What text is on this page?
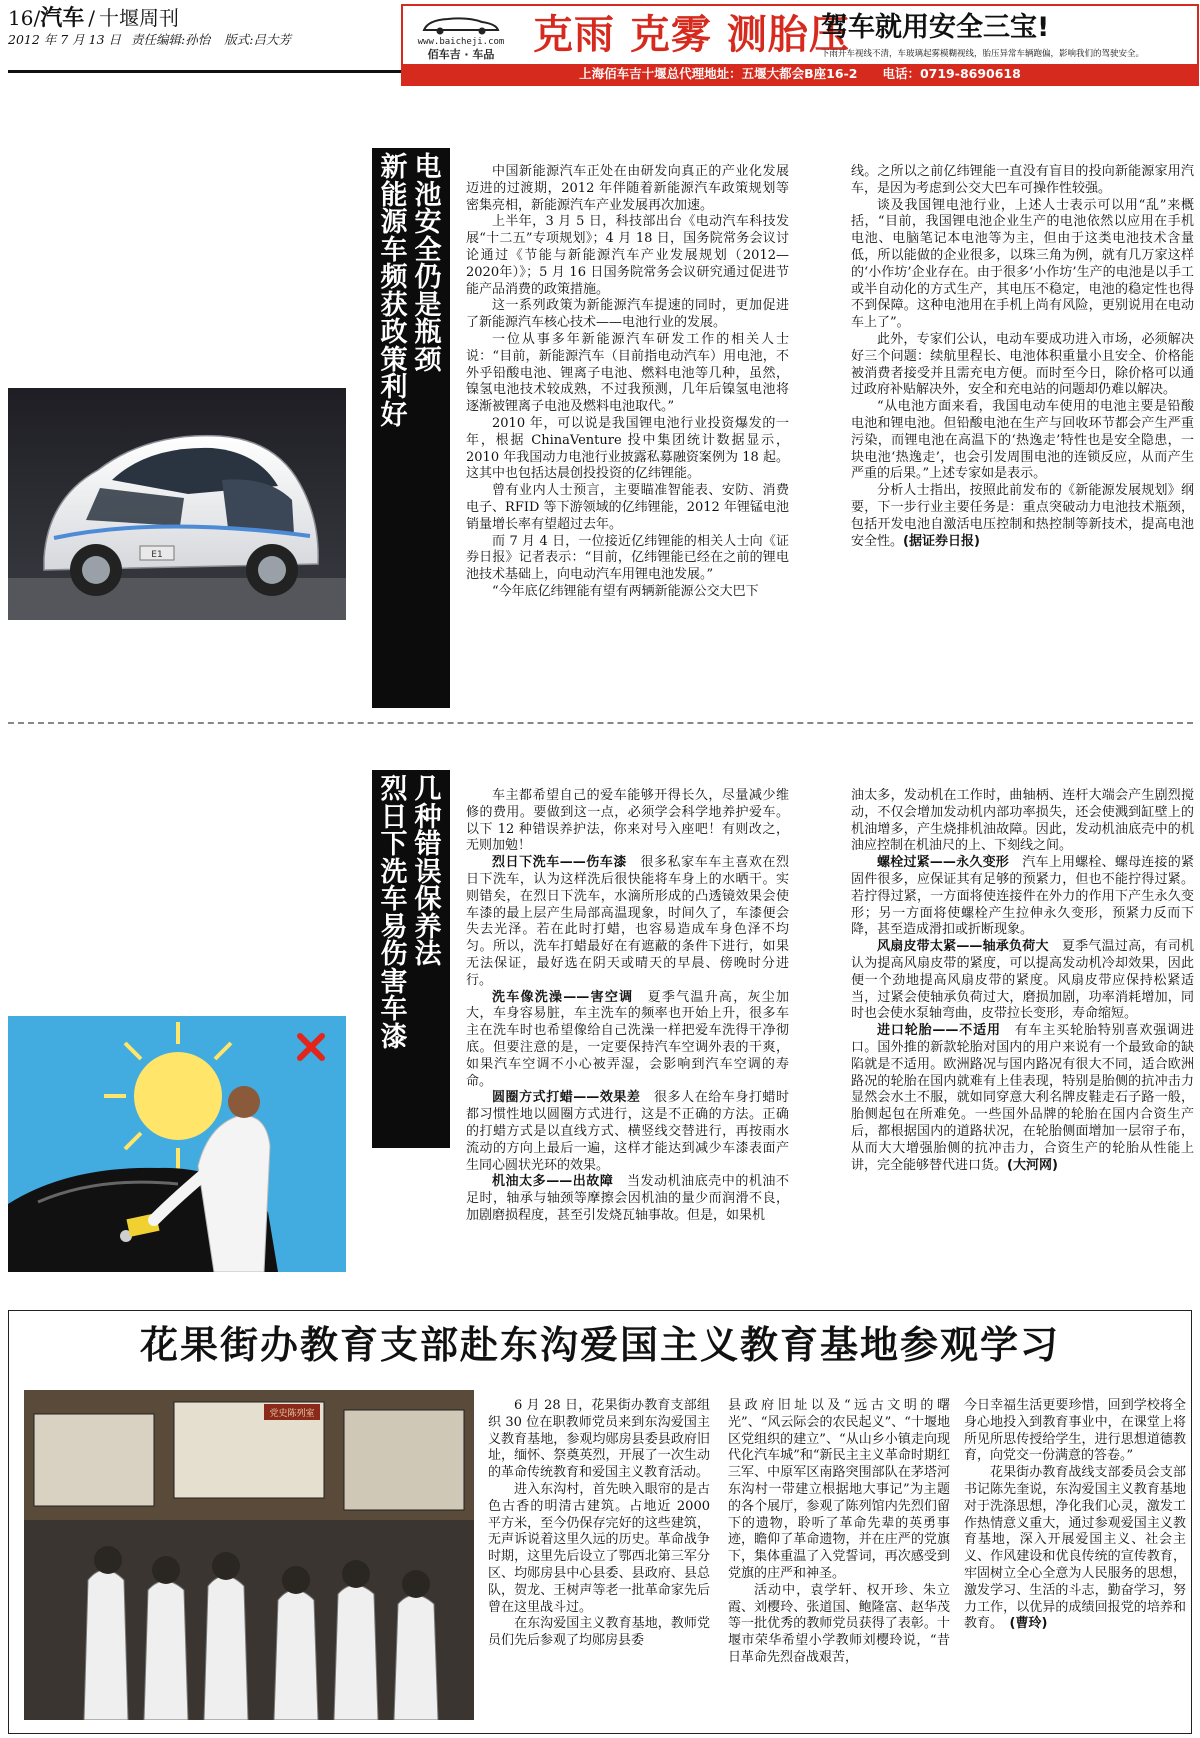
16/汽车 / 十堰周刊
2012 年 7 月 13 日 责任编辑:孙怡 版式:吕大芳	www.baicheji.com
佰车吉 · 车品 克雨 克雾 测胎压
驾车就用安全三宝!
下雨开车视线不清，车玻璃起雾模糊视线，胎压异常车辆跑偏，影响我们的驾驶安全。
上海佰车吉十堰总代理地址：五堰大都会B座16-2　　电话：0719-8690618
电池安全仍是瓶颈
新能源车频获政策利好
E1

中国新能源汽车正处在由研发向真正的产业化发展迈进的过渡期，2012 年伴随着新能源汽车政策规划等密集亮相，新能源汽车产业发展再次加速。

上半年，3 月 5 日，科技部出台《电动汽车科技发展“十二五”专项规划》；4 月 18 日，国务院常务会议讨论通过《节能与新能源汽车产业发展规划（2012—2020年）》；5 月 16 日国务院常务会议研究通过促进节能产品消费的政策措施。

这一系列政策为新能源汽车提速的同时，更加促进了新能源汽车核心技术——电池行业的发展。

一位从事多年新能源汽车研发工作的相关人士说：“目前，新能源汽车（目前指电动汽车）用电池，不外乎铅酸电池、锂离子电池、燃料电池等几种，虽然，镍氢电池技术较成熟，不过我预测，几年后镍氢电池将逐渐被锂离子电池及燃料电池取代。”

2010 年，可以说是我国锂电池行业投资爆发的一年，根据 ChinaVenture 投中集团统计数据显示，2010 年我国动力电池行业披露私募融资案例为 18 起。这其中也包括达晨创投投资的亿纬锂能。

曾有业内人士预言，主要瞄准智能表、安防、消费电子、RFID 等下游领域的亿纬锂能，2012 年锂锰电池销量增长率有望超过去年。

而 7 月 4 日，一位接近亿纬锂能的相关人士向《证券日报》记者表示：“目前，亿纬锂能已经在之前的锂电池技术基础上，向电动汽车用锂电池发展。”

“今年底亿纬锂能有望有两辆新能源公交大巴下

线。之所以之前亿纬锂能一直没有盲目的投向新能源家用汽车，是因为考虑到公交大巴车可操作性较强。

谈及我国锂电池行业，上述人士表示可以用“乱”来概括，“目前，我国锂电池企业生产的电池依然以应用在手机电池、电脑笔记本电池等为主，但由于这类电池技术含量低，所以能做的企业很多，以珠三角为例，就有几万家这样的‘小作坊’企业存在。由于很多‘小作坊’生产的电池是以手工或半自动化的方式生产，其电压不稳定，电池的稳定性也得不到保障。这种电池用在手机上尚有风险，更别说用在电动车上了”。

此外，专家们公认，电动车要成功进入市场，必须解决好三个问题：续航里程长、电池体积重量小且安全、价格能被消费者接受并且需充电方便。而时至今日，除价格可以通过政府补贴解决外，安全和充电站的问题却仍难以解决。

“从电池方面来看，我国电动车使用的电池主要是铅酸电池和锂电池。但铅酸电池在生产与回收环节都会产生严重污染，而锂电池在高温下的‘热逸走’特性也是安全隐患，一块电池‘热逸走’，也会引发周围电池的连锁反应，从而产生严重的后果。”上述专家如是表示。

分析人士指出，按照此前发布的《新能源发展规划》纲要，下一步行业主要任务是：重点突破动力电池技术瓶颈，包括开发电池自激活电压控制和热控制等新技术，提高电池安全性。(据证券日报)

几种错误保养法
烈日下洗车易伤害车漆

车主都希望自己的爱车能够开得长久，尽量减少维修的费用。要做到这一点，必须学会科学地养护爱车。以下 12 种错误养护法，你来对号入座吧！有则改之，无则加勉！

烈日下洗车——伤车漆　 很多私家车车主喜欢在烈日下洗车，认为这样洗后很快能将车身上的水晒干。实则错矣，在烈日下洗车，水滴所形成的凸透镜效果会使车漆的最上层产生局部高温现象，时间久了，车漆便会失去光泽。若在此时打蜡，也容易造成车身色泽不均匀。所以，洗车打蜡最好在有遮蔽的条件下进行，如果无法保证，最好选在阴天或晴天的早晨、傍晚时分进行。

洗车像洗澡——害空调　 夏季气温升高，灰尘加大，车身容易脏，车主洗车的频率也开始上升，很多车主在洗车时也希望像给自己洗澡一样把爱车洗得干净彻底。但要注意的是，一定要保持汽车空调外表的干爽，如果汽车空调不小心被弄湿，会影响到汽车空调的寿命。

圆圈方式打蜡——效果差　 很多人在给车身打蜡时都习惯性地以圆圈方式进行，这是不正确的方法。正确的打蜡方式是以直线方式、横竖线交替进行，再按雨水流动的方向上最后一遍，这样才能达到减少车漆表面产生同心圆状光环的效果。

机油太多——出故障　 当发动机油底壳中的机油不足时，轴承与轴颈等摩擦会因机油的量少而润滑不良，加剧磨损程度，甚至引发烧瓦轴事故。但是，如果机

油太多，发动机在工作时，曲轴柄、连杆大端会产生剧烈搅动，不仅会增加发动机内部功率损失，还会使溅到缸壁上的机油增多，产生烧排机油故障。因此，发动机油底壳中的机油应控制在机油尺的上、下刻线之间。

螺栓过紧——永久变形　 汽车上用螺栓、螺母连接的紧固件很多，应保证其有足够的预紧力，但也不能拧得过紧。若拧得过紧，一方面将使连接件在外力的作用下产生永久变形；另一方面将使螺栓产生拉伸永久变形，预紧力反而下降，甚至造成滑扣或折断现象。

风扇皮带太紧——轴承负荷大　 夏季气温过高，有司机认为提高风扇皮带的紧度，可以提高发动机冷却效果，因此便一个劲地提高风扇皮带的紧度。风扇皮带应保持松紧适当，过紧会使轴承负荷过大，磨损加剧，功率消耗增加，同时也会使水泵轴弯曲，皮带拉长变形，寿命缩短。

进口轮胎——不适用　 有车主买轮胎特别喜欢强调进口。国外推的新款轮胎对国内的用户来说有一个最致命的缺陷就是不适用。欧洲路况与国内路况有很大不同，适合欧洲路况的轮胎在国内就难有上佳表现，特别是胎侧的抗冲击力显然会水土不服，就如同穿意大利名牌皮鞋走石子路一般，胎侧起包在所难免。一些国外品牌的轮胎在国内合资生产后，都根据国内的道路状况，在轮胎侧面增加一层帘子布，从而大大增强胎侧的抗冲击力，合资生产的轮胎从性能上讲，完全能够替代进口货。(大河网)

花果街办教育支部赴东沟爱国主义教育基地参观学习
党史陈列室

6 月 28 日，花果街办教育支部组织 30 位在职教师党员来到东沟爱国主义教育基地，参观均郧房县委县政府旧址，缅怀、祭奠英烈，开展了一次生动的革命传统教育和爱国主义教育活动。

进入东沟村，首先映入眼帘的是古色古香的明清古建筑。占地近 2000 平方米，至今仍保存完好的这些建筑，无声诉说着这里久远的历史。革命战争时期，这里先后设立了鄂西北第三军分区、均郧房县中心县委、县政府、县总队，贺龙、王树声等老一批革命家先后曾在这里战斗过。

在东沟爱国主义教育基地，教师党员们先后参观了均郧房县委

县政府旧址以及“远古文明的曙光”、“风云际会的农民起义”、“十堰地区党组织的建立”、“从山乡小镇走向现代化汽车城”和“新民主主义革命时期红三军、中原军区南路突围部队在茅塔河东沟村一带建立根据地大事记”为主题的各个展厅，参观了陈列馆内先烈们留下的遗物，聆听了革命先辈的英勇事迹，瞻仰了革命遗物，并在庄严的党旗下，集体重温了入党誓词，再次感受到党旗的庄严和神圣。

活动中，袁学轩、权开珍、朱立霞、刘樱玲、张道国、鲍隆富、赵华茂等一批优秀的教师党员获得了表彰。十堰市荣华希望小学教师刘樱玲说，“昔日革命先烈奋战艰苦，

今日幸福生活更要珍惜，回到学校将全身心地投入到教育事业中，在课堂上将所见所思传授给学生，进行思想道德教育，向党交一份满意的答卷。”

花果街办教育战线支部委员会支部书记陈先奎说，东沟爱国主义教育基地对于洗涤思想，净化我们心灵，激发工作热情意义重大，通过参观爱国主义教育基地，深入开展爱国主义、社会主义、作风建设和优良传统的宣传教育，牢固树立全心全意为人民服务的思想，激发学习、生活的斗志，勤奋学习，努力工作，以优异的成绩回报党的培养和教育。　 (曹玲)
